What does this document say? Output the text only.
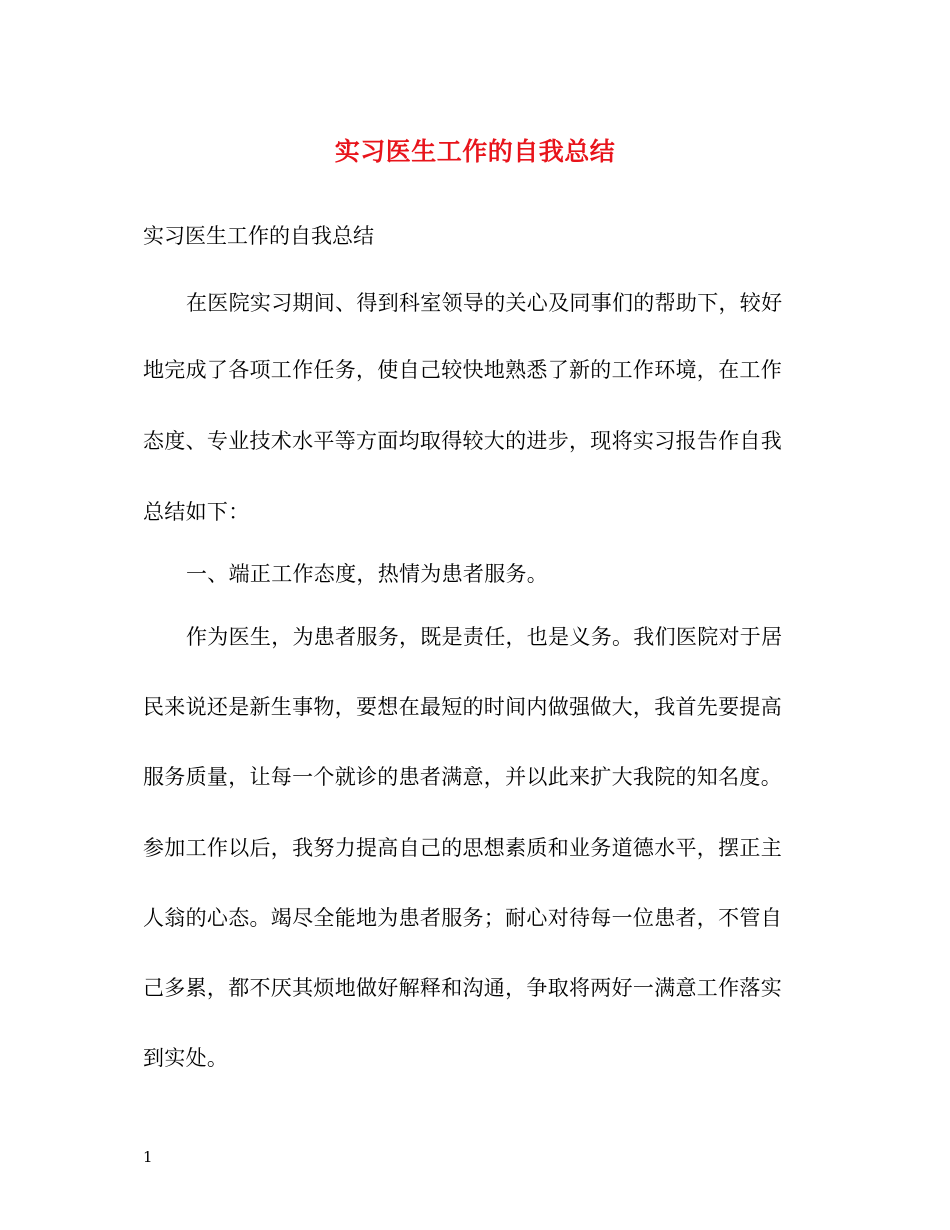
实习医生工作的自我总结
实习医生工作的自我总结
在医院实习期间、得到科室领导的关心及同事们的帮助下，较好
地完成了各项工作任务，使自己较快地熟悉了新的工作环境，在工作
态度、专业技术水平等方面均取得较大的进步，现将实习报告作自我
总结如下：
一、端正工作态度，热情为患者服务。
作为医生，为患者服务，既是责任，也是义务。我们医院对于居
民来说还是新生事物，要想在最短的时间内做强做大，我首先要提高
服务质量，让每一个就诊的患者满意，并以此来扩大我院的知名度。
参加工作以后，我努力提高自己的思想素质和业务道德水平，摆正主
人翁的心态。竭尽全能地为患者服务；耐心对待每一位患者，不管自
己多累，都不厌其烦地做好解释和沟通，争取将两好一满意工作落实
到实处。
1
